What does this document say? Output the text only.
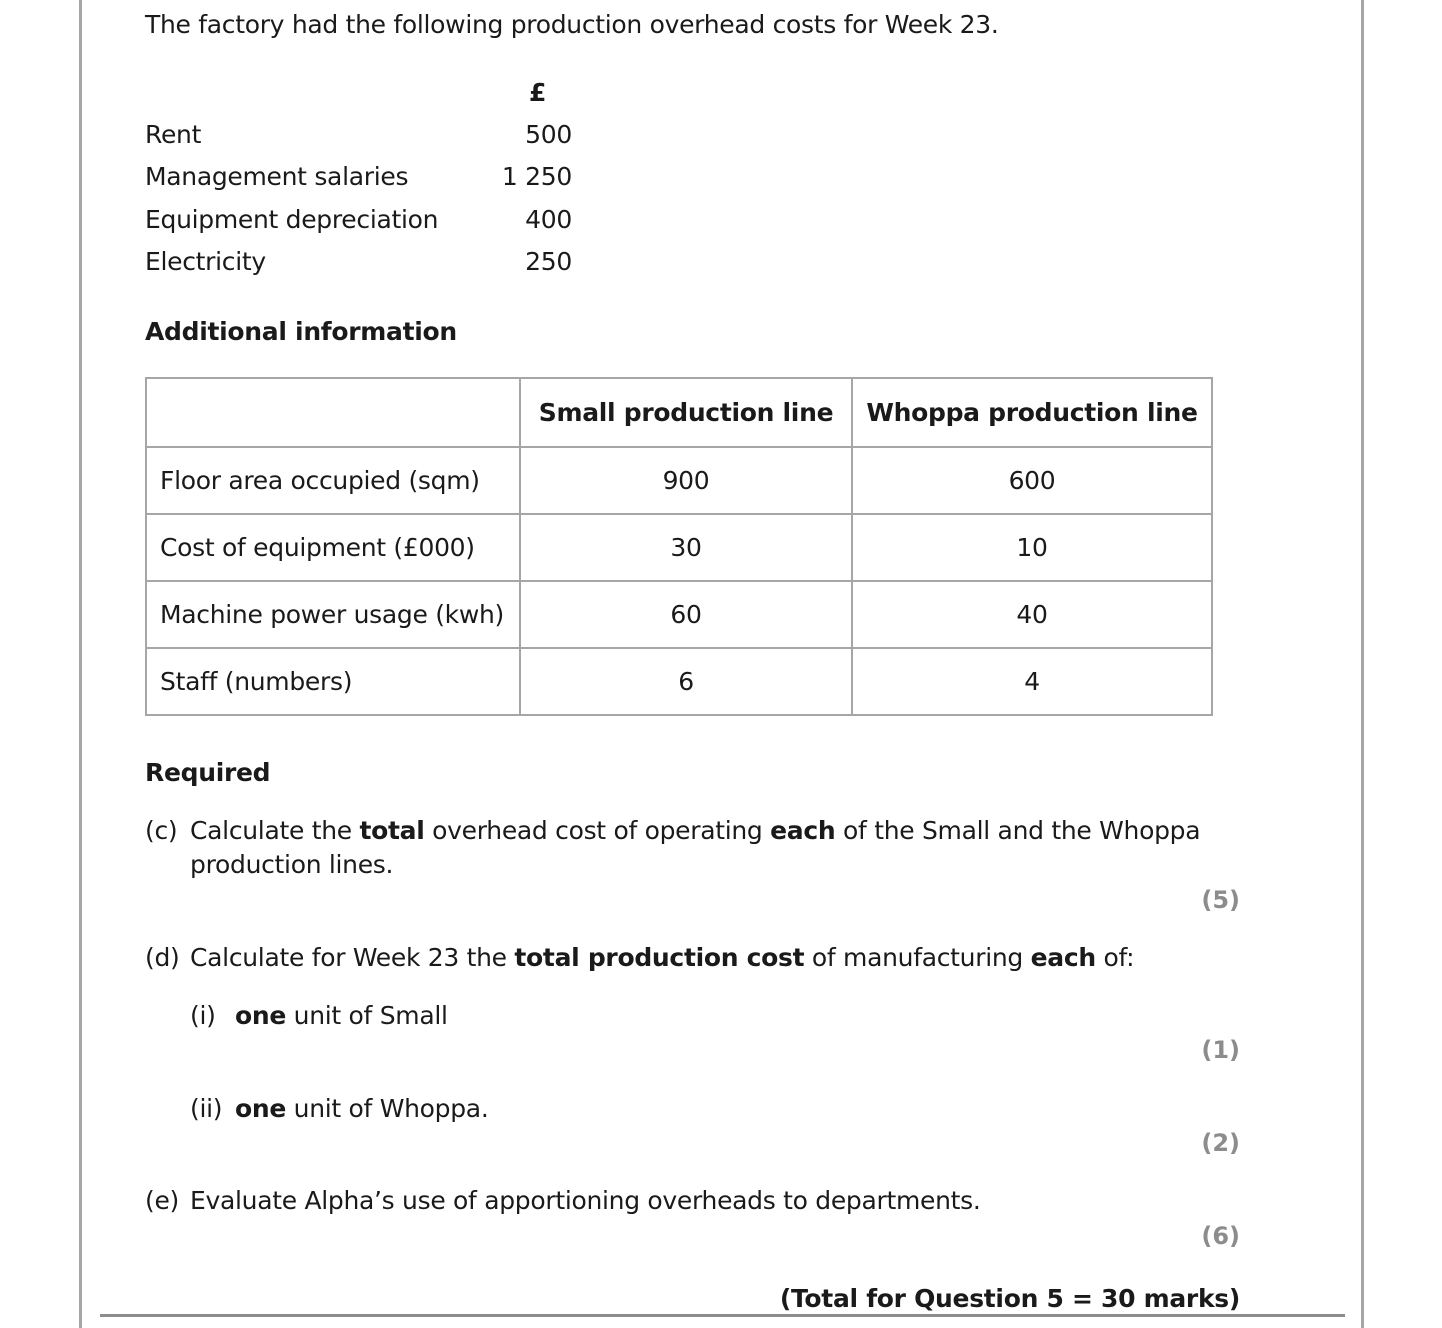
The factory had the following production overhead costs for Week 23.
£
Rent	500
Management salaries	1 250
Equipment depreciation	400
Electricity	250
Additional information
	Small production line	Whoppa production line
Floor area occupied (sqm)	900	600
Cost of equipment (£000)	30	10
Machine power usage (kwh)	60	40
Staff (numbers)	6	4
Required
(c) Calculate the total overhead cost of operating each of the Small and the Whoppa
production lines.
(5)
(d) Calculate for Week 23 the total production cost of manufacturing each of:
(i) one unit of Small
(1)
(ii) one unit of Whoppa.
(2)
(e) Evaluate Alpha’s use of apportioning overheads to departments.
(6)
(Total for Question 5 = 30 marks)
